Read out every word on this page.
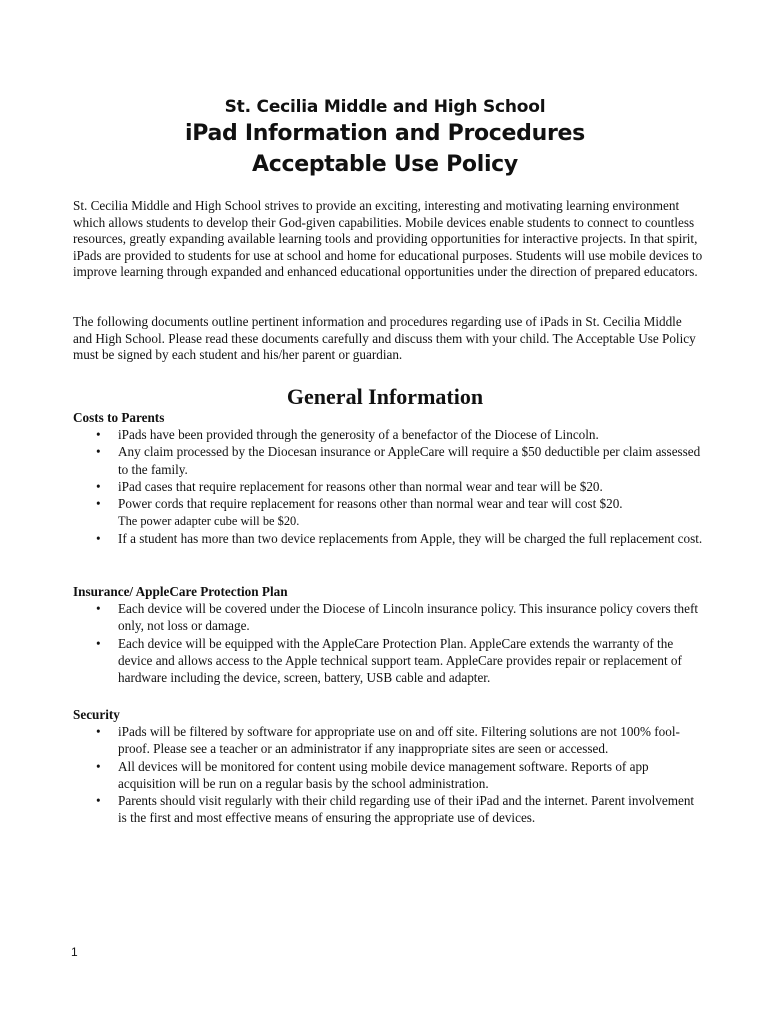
St. Cecilia Middle and High School
iPad Information and Procedures
Acceptable Use Policy

St. Cecilia Middle and High School strives to provide an exciting, interesting and motivating learning environment which allows students to develop their God-given capabilities. Mobile devices enable students to connect to countless resources, greatly expanding available learning tools and providing opportunities for interactive projects. In that spirit, iPads are provided to students for use at school and home for educational purposes. Students will use mobile devices to improve learning through expanded and enhanced educational opportunities under the direction of prepared educators.

The following documents outline pertinent information and procedures regarding use of iPads in St. Cecilia Middle and High School. Please read these documents carefully and discuss them with your child. The Acceptable Use Policy must be signed by each student and his/her parent or guardian.

General Information

Costs to Parents

• iPads have been provided through the generosity of a benefactor of the Diocese of Lincoln.
• Any claim processed by the Diocesan insurance or AppleCare will require a $50 deductible per claim assessed to the family.
• iPad cases that require replacement for reasons other than normal wear and tear will be $20.
• Power cords that require replacement for reasons other than normal wear and tear will cost $20.
The power adapter cube will be $20.
• If a student has more than two device replacements from Apple, they will be charged the full replacement cost.

Insurance/ AppleCare Protection Plan

• Each device will be covered under the Diocese of Lincoln insurance policy. This insurance policy covers theft only, not loss or damage.
• Each device will be equipped with the AppleCare Protection Plan. AppleCare extends the warranty of the device and allows access to the Apple technical support team. AppleCare provides repair or replacement of hardware including the device, screen, battery, USB cable and adapter.

Security

• iPads will be filtered by software for appropriate use on and off site. Filtering solutions are not 100% fool-proof. Please see a teacher or an administrator if any inappropriate sites are seen or accessed.
• All devices will be monitored for content using mobile device management software. Reports of app acquisition will be run on a regular basis by the school administration.
• Parents should visit regularly with their child regarding use of their iPad and the internet. Parent involvement is the first and most effective means of ensuring the appropriate use of devices.
1
